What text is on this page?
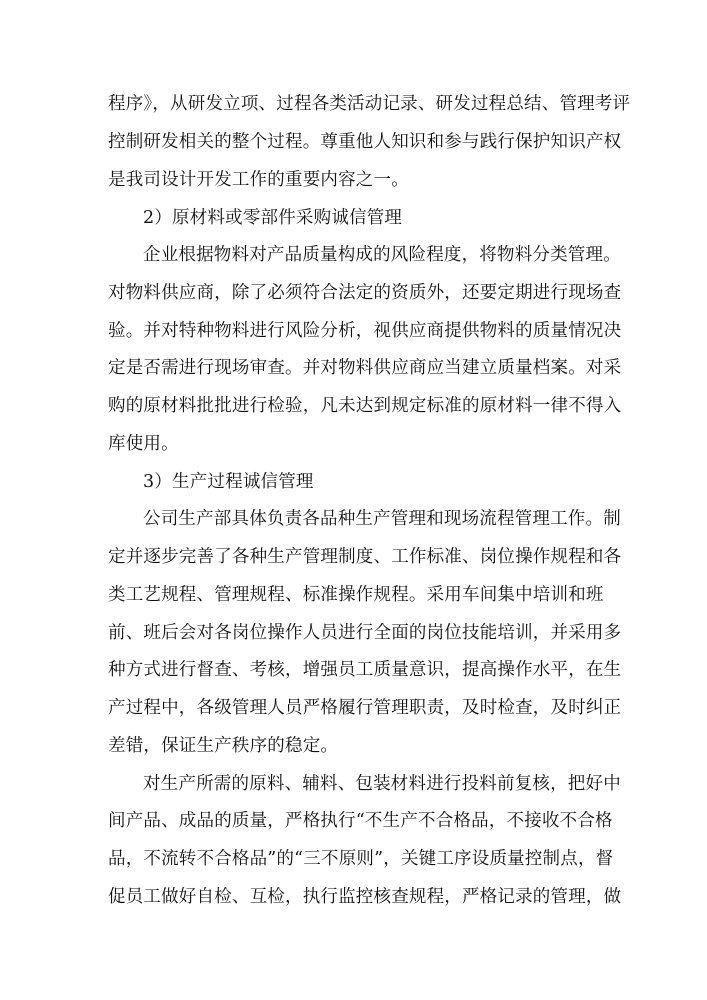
程序》，从研发立项、过程各类活动记录、研发过程总结、管理考评
控制研发相关的整个过程。尊重他人知识和参与践行保护知识产权
是我司设计开发工作的重要内容之一。
2）原材料或零部件采购诚信管理
企业根据物料对产品质量构成的风险程度，将物料分类管理。
对物料供应商，除了必须符合法定的资质外，还要定期进行现场查
验。并对特种物料进行风险分析，视供应商提供物料的质量情况决
定是否需进行现场审查。并对物料供应商应当建立质量档案。对采
购的原材料批批进行检验，凡未达到规定标准的原材料一律不得入
库使用。
3）生产过程诚信管理
公司生产部具体负责各品种生产管理和现场流程管理工作。制
定并逐步完善了各种生产管理制度、工作标准、岗位操作规程和各
类工艺规程、管理规程、标准操作规程。采用车间集中培训和班
前、班后会对各岗位操作人员进行全面的岗位技能培训，并采用多
种方式进行督查、考核，增强员工质量意识，提高操作水平，在生
产过程中，各级管理人员严格履行管理职责，及时检查，及时纠正
差错，保证生产秩序的稳定。
对生产所需的原料、辅料、包装材料进行投料前复核，把好中
间产品、成品的质量，严格执行“不生产不合格品，不接收不合格
品，不流转不合格品”的“三不原则”，关键工序设质量控制点，督
促员工做好自检、互检，执行监控核查规程，严格记录的管理，做
